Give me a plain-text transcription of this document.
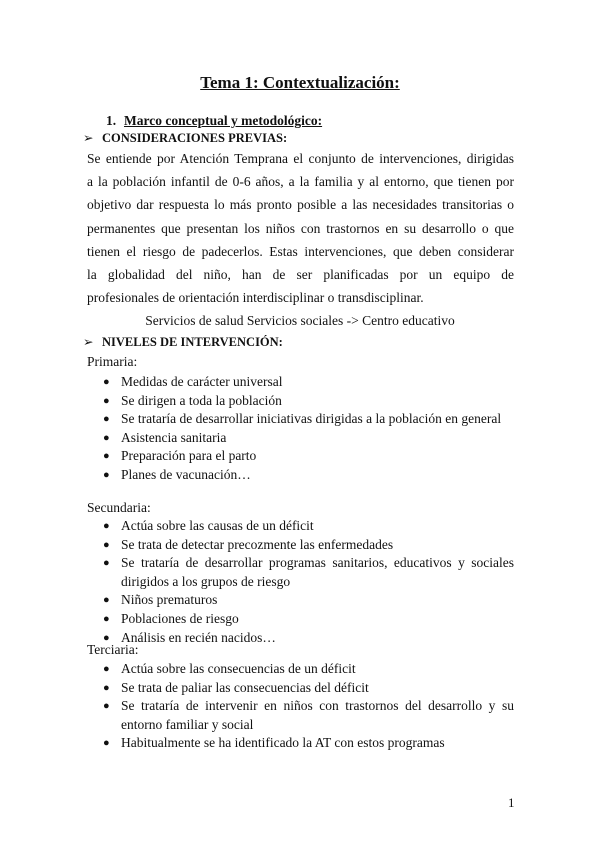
Tema 1: Contextualización:
1. Marco conceptual y metodológico:
➢ CONSIDERACIONES PREVIAS:
Se entiende por Atención Temprana el conjunto de intervenciones, dirigidas
a la población infantil de 0-6 años, a la familia y al entorno, que tienen por
objetivo dar respuesta lo más pronto posible a las necesidades transitorias o
permanentes que presentan los niños con trastornos en su desarrollo o que
tienen el riesgo de padecerlos. Estas intervenciones, que deben considerar
la globalidad del niño, han de ser planificadas por un equipo de
profesionales de orientación interdisciplinar o transdisciplinar.
Servicios de salud Servicios sociales -> Centro educativo
➢ NIVELES DE INTERVENCIÓN:
Primaria:
● Medidas de carácter universal
● Se dirigen a toda la población
● Se trataría de desarrollar iniciativas dirigidas a la población en general
● Asistencia sanitaria
● Preparación para el parto
● Planes de vacunación…
Secundaria:
● Actúa sobre las causas de un déficit
● Se trata de detectar precozmente las enfermedades
● Se trataría de desarrollar programas sanitarios, educativos y sociales dirigidos a los grupos de riesgo
● Niños prematuros
● Poblaciones de riesgo
● Análisis en recién nacidos…
Terciaria:
● Actúa sobre las consecuencias de un déficit
● Se trata de paliar las consecuencias del déficit
● Se trataría de intervenir en niños con trastornos del desarrollo y su entorno familiar y social
● Habitualmente se ha identificado la AT con estos programas
1
